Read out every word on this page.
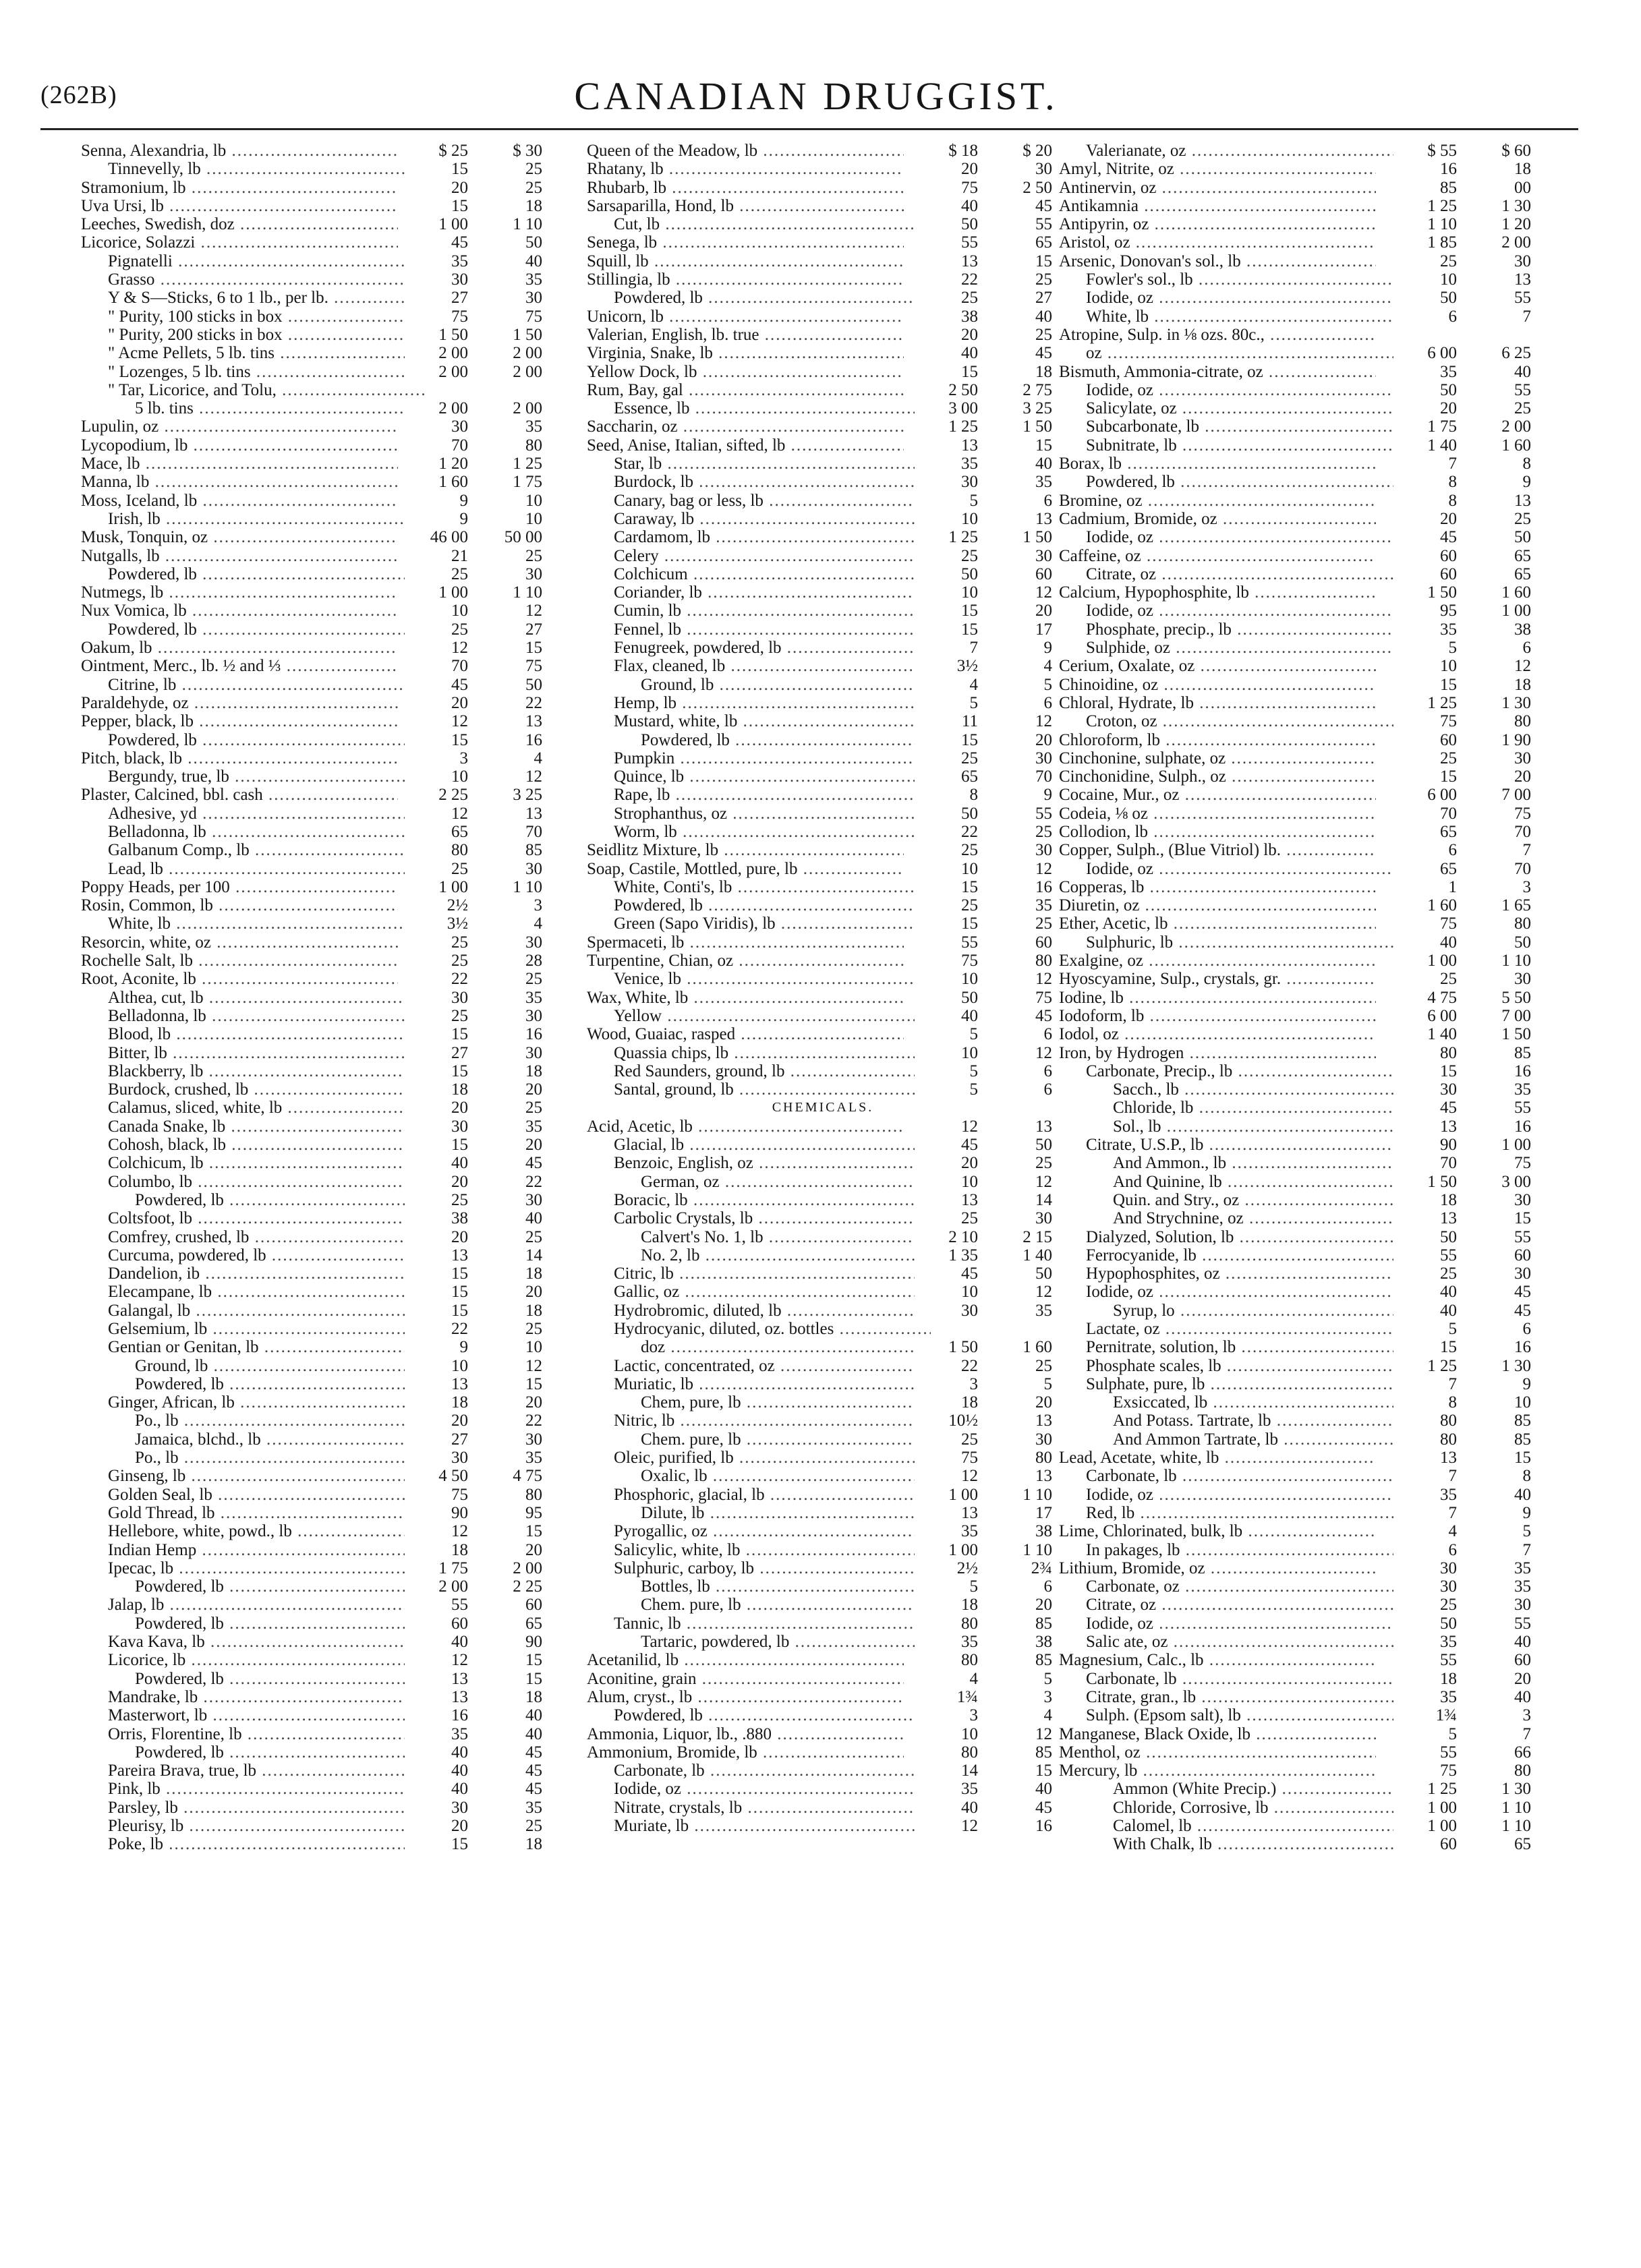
(262B)	CANADIAN DRUGGIST.
Senna, Alexandria, lb .....	$ 25	$ 30
Tinnevelly, lb .....	15	25
Stramonium, lb .....	20	25
Uva Ursi, lb .....	15	18
Leeches, Swedish, doz .....	1 00	1 10
Licorice, Solazzi .....	45	50
Pignatelli .....	35	40
Grasso .....	30	35
Y & S—Sticks, 6 to 1 lb., per lb. .....	27	30
" Purity, 100 sticks in box .....	75	75
" Purity, 200 sticks in box .....	1 50	1 50
" Acme Pellets, 5 lb. tins .....	2 00	2 00
" Lozenges, 5 lb. tins .....	2 00	2 00
" Tar, Licorice, and Tolu, .....
5 lb. tins .....	2 00	2 00
Lupulin, oz .....	30	35
Lycopodium, lb .....	70	80
Mace, lb .....	1 20	1 25
Manna, lb .....	1 60	1 75
Moss, Iceland, lb .....	9	10
Irish, lb .....	9	10
Musk, Tonquin, oz .....	46 00	50 00
Nutgalls, lb .....	21	25
Powdered, lb .....	25	30
Nutmegs, lb .....	1 00	1 10
Nux Vomica, lb .....	10	12
Powdered, lb .....	25	27
Oakum, lb .....	12	15
Ointment, Merc., lb. ½ and ⅓ .....	70	75
Citrine, lb .....	45	50
Paraldehyde, oz .....	20	22
Pepper, black, lb .....	12	13
Powdered, lb .....	15	16
Pitch, black, lb .....	3	4
Bergundy, true, lb .....	10	12
Plaster, Calcined, bbl. cash .....	2 25	3 25
Adhesive, yd .....	12	13
Belladonna, lb .....	65	70
Galbanum Comp., lb .....	80	85
Lead, lb .....	25	30
Poppy Heads, per 100 .....	1 00	1 10
Rosin, Common, lb .....	2½	3
White, lb .....	3½	4
Resorcin, white, oz .....	25	30
Rochelle Salt, lb .....	25	28
Root, Aconite, lb .....	22	25
Althea, cut, lb .....	30	35
Belladonna, lb .....	25	30
Blood, lb .....	15	16
Bitter, lb .....	27	30
Blackberry, lb .....	15	18
Burdock, crushed, lb .....	18	20
Calamus, sliced, white, lb .....	20	25
Canada Snake, lb .....	30	35
Cohosh, black, lb .....	15	20
Colchicum, lb .....	40	45
Columbo, lb .....	20	22
Powdered, lb .....	25	30
Coltsfoot, lb .....	38	40
Comfrey, crushed, lb .....	20	25
Curcuma, powdered, lb .....	13	14
Dandelion, ib .....	15	18
Elecampane, lb .....	15	20
Galangal, lb .....	15	18
Gelsemium, lb .....	22	25
Gentian or Genitan, lb .....	9	10
Ground, lb .....	10	12
Powdered, lb .....	13	15
Ginger, African, lb .....	18	20
Po., lb .....	20	22
Jamaica, blchd., lb .....	27	30
Po., lb .....	30	35
Ginseng, lb .....	4 50	4 75
Golden Seal, lb .....	75	80
Gold Thread, lb .....	90	95
Hellebore, white, powd., lb .....	12	15
Indian Hemp .....	18	20
Ipecac, lb .....	1 75	2 00
Powdered, lb .....	2 00	2 25
Jalap, lb .....	55	60
Powdered, lb .....	60	65
Kava Kava, lb .....	40	90
Licorice, lb .....	12	15
Powdered, lb .....	13	15
Mandrake, lb .....	13	18
Masterwort, lb .....	16	40
Orris, Florentine, lb .....	35	40
Powdered, lb .....	40	45
Pareira Brava, true, lb .....	40	45
Pink, lb .....	40	45
Parsley, lb .....	30	35
Pleurisy, lb .....	20	25
Poke, lb .....	15	18
Queen of the Meadow, lb .....	$ 18	$ 20
Rhatany, lb .....	20	30
Rhubarb, lb .....	75	2 50
Sarsaparilla, Hond, lb .....	40	45
Cut, lb .....	50	55
Senega, lb .....	55	65
Squill, lb .....	13	15
Stillingia, lb .....	22	25
Powdered, lb .....	25	27
Unicorn, lb .....	38	40
Valerian, English, lb. true .....	20	25
Virginia, Snake, lb .....	40	45
Yellow Dock, lb .....	15	18
Rum, Bay, gal .....	2 50	2 75
Essence, lb .....	3 00	3 25
Saccharin, oz .....	1 25	1 50
Seed, Anise, Italian, sifted, lb .....	13	15
Star, lb .....	35	40
Burdock, lb .....	30	35
Canary, bag or less, lb .....	5	6
Caraway, lb .....	10	13
Cardamom, lb .....	1 25	1 50
Celery .....	25	30
Colchicum .....	50	60
Coriander, lb .....	10	12
Cumin, lb .....	15	20
Fennel, lb .....	15	17
Fenugreek, powdered, lb .....	7	9
Flax, cleaned, lb .....	3½	4
Ground, lb .....	4	5
Hemp, lb .....	5	6
Mustard, white, lb .....	11	12
Powdered, lb .....	15	20
Pumpkin .....	25	30
Quince, lb .....	65	70
Rape, lb .....	8	9
Strophanthus, oz .....	50	55
Worm, lb .....	22	25
Seidlitz Mixture, lb .....	25	30
Soap, Castile, Mottled, pure, lb .....	10	12
White, Conti's, lb .....	15	16
Powdered, lb .....	25	35
Green (Sapo Viridis), lb .....	15	25
Spermaceti, lb .....	55	60
Turpentine, Chian, oz .....	75	80
Venice, lb .....	10	12
Wax, White, lb .....	50	75
Yellow .....	40	45
Wood, Guaiac, rasped .....	5	6
Quassia chips, lb .....	10	12
Red Saunders, ground, lb .....	5	6
Santal, ground, lb .....	5	6
CHEMICALS.
Acid, Acetic, lb .....	12	13
Glacial, lb .....	45	50
Benzoic, English, oz .....	20	25
German, oz .....	10	12
Boracic, lb .....	13	14
Carbolic Crystals, lb .....	25	30
Calvert's No. 1, lb .....	2 10	2 15
No. 2, lb .....	1 35	1 40
Citric, lb .....	45	50
Gallic, oz .....	10	12
Hydrobromic, diluted, lb .....	30	35
Hydrocyanic, diluted, oz. bottles .....
doz .....	1 50	1 60
Lactic, concentrated, oz .....	22	25
Muriatic, lb .....	3	5
Chem, pure, lb .....	18	20
Nitric, lb .....	10½	13
Chem. pure, lb .....	25	30
Oleic, purified, lb .....	75	80
Oxalic, lb .....	12	13
Phosphoric, glacial, lb .....	1 00	1 10
Dilute, lb .....	13	17
Pyrogallic, oz .....	35	38
Salicylic, white, lb .....	1 00	1 10
Sulphuric, carboy, lb .....	2½	2¾
Bottles, lb .....	5	6
Chem. pure, lb .....	18	20
Tannic, lb .....	80	85
Tartaric, powdered, lb .....	35	38
Acetanilid, lb .....	80	85
Aconitine, grain .....	4	5
Alum, cryst., lb .....	1¾	3
Powdered, lb .....	3	4
Ammonia, Liquor, lb., .880 .....	10	12
Ammonium, Bromide, lb .....	80	85
Carbonate, lb .....	14	15
Iodide, oz .....	35	40
Nitrate, crystals, lb .....	40	45
Muriate, lb .....	12	16
Valerianate, oz .....	$ 55	$ 60
Amyl, Nitrite, oz .....	16	18
Antinervin, oz .....	85	00
Antikamnia .....	1 25	1 30
Antipyrin, oz .....	1 10	1 20
Aristol, oz .....	1 85	2 00
Arsenic, Donovan's sol., lb .....	25	30
Fowler's sol., lb .....	10	13
Iodide, oz .....	50	55
White, lb .....	6	7
Atropine, Sulp. in ⅛ ozs. 80c., .....
oz .....	6 00	6 25
Bismuth, Ammonia-citrate, oz .....	35	40
Iodide, oz .....	50	55
Salicylate, oz .....	20	25
Subcarbonate, lb .....	1 75	2 00
Subnitrate, lb .....	1 40	1 60
Borax, lb .....	7	8
Powdered, lb .....	8	9
Bromine, oz .....	8	13
Cadmium, Bromide, oz .....	20	25
Iodide, oz .....	45	50
Caffeine, oz .....	60	65
Citrate, oz .....	60	65
Calcium, Hypophosphite, lb .....	1 50	1 60
Iodide, oz .....	95	1 00
Phosphate, precip., lb .....	35	38
Sulphide, oz .....	5	6
Cerium, Oxalate, oz .....	10	12
Chinoidine, oz .....	15	18
Chloral, Hydrate, lb .....	1 25	1 30
Croton, oz .....	75	80
Chloroform, lb .....	60	1 90
Cinchonine, sulphate, oz .....	25	30
Cinchonidine, Sulph., oz .....	15	20
Cocaine, Mur., oz .....	6 00	7 00
Codeia, ⅛ oz .....	70	75
Collodion, lb .....	65	70
Copper, Sulph., (Blue Vitriol) lb. .....	6	7
Iodide, oz .....	65	70
Copperas, lb .....	1	3
Diuretin, oz .....	1 60	1 65
Ether, Acetic, lb .....	75	80
Sulphuric, lb .....	40	50
Exalgine, oz .....	1 00	1 10
Hyoscyamine, Sulp., crystals, gr. .....	25	30
Iodine, lb .....	4 75	5 50
Iodoform, lb .....	6 00	7 00
Iodol, oz .....	1 40	1 50
Iron, by Hydrogen .....	80	85
Carbonate, Precip., lb .....	15	16
Sacch., lb .....	30	35
Chloride, lb .....	45	55
Sol., lb .....	13	16
Citrate, U.S.P., lb .....	90	1 00
And Ammon., lb .....	70	75
And Quinine, lb .....	1 50	3 00
Quin. and Stry., oz .....	18	30
And Strychnine, oz .....	13	15
Dialyzed, Solution, lb .....	50	55
Ferrocyanide, lb .....	55	60
Hypophosphites, oz .....	25	30
Iodide, oz .....	40	45
Syrup, lo .....	40	45
Lactate, oz .....	5	6
Pernitrate, solution, lb .....	15	16
Phosphate scales, lb .....	1 25	1 30
Sulphate, pure, lb .....	7	9
Exsiccated, lb .....	8	10
And Potass. Tartrate, lb .....	80	85
And Ammon Tartrate, lb .....	80	85
Lead, Acetate, white, lb .....	13	15
Carbonate, lb .....	7	8
Iodide, oz .....	35	40
Red, lb .....	7	9
Lime, Chlorinated, bulk, lb .....	4	5
In pakages, lb .....	6	7
Lithium, Bromide, oz .....	30	35
Carbonate, oz .....	30	35
Citrate, oz .....	25	30
Iodide, oz .....	50	55
Salic ate, oz .....	35	40
Magnesium, Calc., lb .....	55	60
Carbonate, lb .....	18	20
Citrate, gran., lb .....	35	40
Sulph. (Epsom salt), lb .....	1¾	3
Manganese, Black Oxide, lb .....	5	7
Menthol, oz .....	55	66
Mercury, lb .....	75	80
Ammon (White Precip.) .....	1 25	1 30
Chloride, Corrosive, lb .....	1 00	1 10
Calomel, lb .....	1 00	1 10
With Chalk, lb .....	60	65
